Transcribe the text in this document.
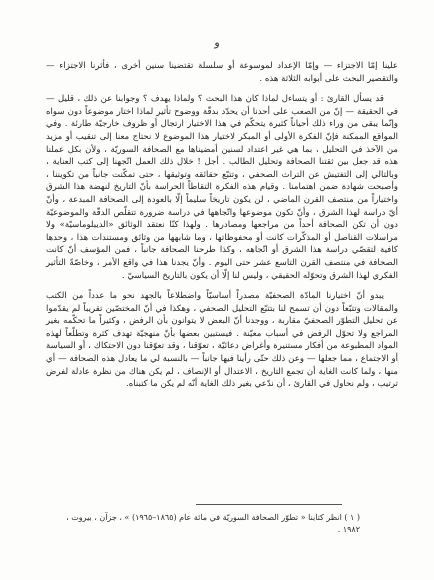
و

علينا إمّا الاجتزاء — وإمّا الإعداد لموسوعة أو سلسلة تقتضينا سنين أخرى ، فأثرنا الاجتزاء — والتقصير البحث على أبوابه الثلاثة هذه .

قد يسأل القارئ : أو يتساءل لماذا كان هذا البحث ؟ ولماذا يهدف ؟ وجوابنا عن ذلك ، قليل — في الحقيقة — إنّ من الصعب على أحدنا أن يحدّد بدقّة ووضوح تأثير لماذا اختار موضوعاً دون سواه وإنّما يبقى من وراء ذلك أحياناً كثيرة يتحكّم في هذا الاختيار ارتجال أو ظروف خارجيّة طارئة . وفي المواقع الممكنة فإنّ الفكرة الأولى أو المبكر لاختيار هذا الموضوع لا نحتاج معنا إلى تنقيب أو مزيد من الآخذ في التحليل ، بما هي غير اعتداد لسنين أمضيناها مع الصحافة السوريّة ، ولأن بكل عملنا هذه قد جعل بين ثقتنا الصحافة وتحليل الطالب . أجل ! خلال ذلك العمل اتّجهنا إلى كتب العناية ، وبالتالي إلى التفتيش عن التراث الصحفي ، وتتبّع حقائقه وتوثيقها ، حتى تمكّنت جانباً من تكويننا ، وأصبحت شهادة ضمن اهتمامنا . وقيام هذه الفكرة التقاطاً الحراسة بأنّ التاريخ لنهضة هذا الشرق واختياراً من منتصف القرن الماضي ، لن يكون تاريخاً سليماً إلّا بالعودة إلى الصحافة المبدعة ، وأنّ أيّ دراسة لهذا الشرق ، وأنّ تكون موضوعها واتّجاهها في دراسة ضرورة تتقلّص الدقّة والموضوعيّة دون أن تكن الصحافة أحداً من مراجعها ومصادرها . ولهذا كنّا نعتقد الوثائق «الديبلوماسيّة» ولا مراسلات القناصل أو المذكّرات كانت أو محفوظاتها ، وما شابهها من وثائق ومستندات هذا ، وحدها كافية لتقصّي دراسة هذا الشرق أو اتّجاهه ، وكذا طرحنا الصحافة جانباً ، فمن المؤسف أنّ كانت الصحافة في منتصف القرن التاسع عشر حتى اليوم . وأنّ يجدنا هذا في واقع الأمر ، وخاصّةً التأثير الفكري لهذا الشرق وتحوّله الحقيقي ، وليس لنا إلّا أن يكون بالتاريخ السياسيّ .

يبدو أنّ اختيارنا المادّة الصحفيّة مصدراً أساسيّاً واضطلاعاً بالجهد نحو ما عدداً من الكتب والمقالات وتتبّعاً دون أن تسمح لنا بتتبّع التحليل الصحفي ، وهكذا في أنّ المختصّين تقريباً لم يقدّموا عن تحليل التطوّر الصحفيّ مقاربة ، ووجدنا أنّ البعض لا يتوانون بأن الرفض ، وكثيراً ما تحكّمه بغير المراجع ولا تحوّل الرفض في أسباب معيّنة . فيستبين بعضها بأنّ منهجيّة تهدف كثرة وتطلّعاً لهذه المواد المطبوعة من أفكار مستنيرة وأغراض دعائيّة ، تعوّقنا ، وقد تعوّقنا دون الاحتكاك ، أو السياسة أو الاجتماع ، مما جعلها — وعن ذلك حتّى رأينا فيها جانباً — بالنسبة لي ما يعادل هذه الصحافة — أي منها ، ولما كانت الغاية أن تجمع التاريخ ، الاعتدال أو الإنصاف ، لم يكن هناك من نظرة عادلة لفرض ترتيب ، ولم نحاول في القارئ ، أن ندّعي بغير ذلك الغاية أنّه لم يكن ما كتبناه.

( ١ ) انظر كتابنا « تطوّر الصحافة السوريّة في مائة عام (١٨٦٥–١٩٦٥) » ، جزآن ، بيروت ، ١٩٨٢ .
